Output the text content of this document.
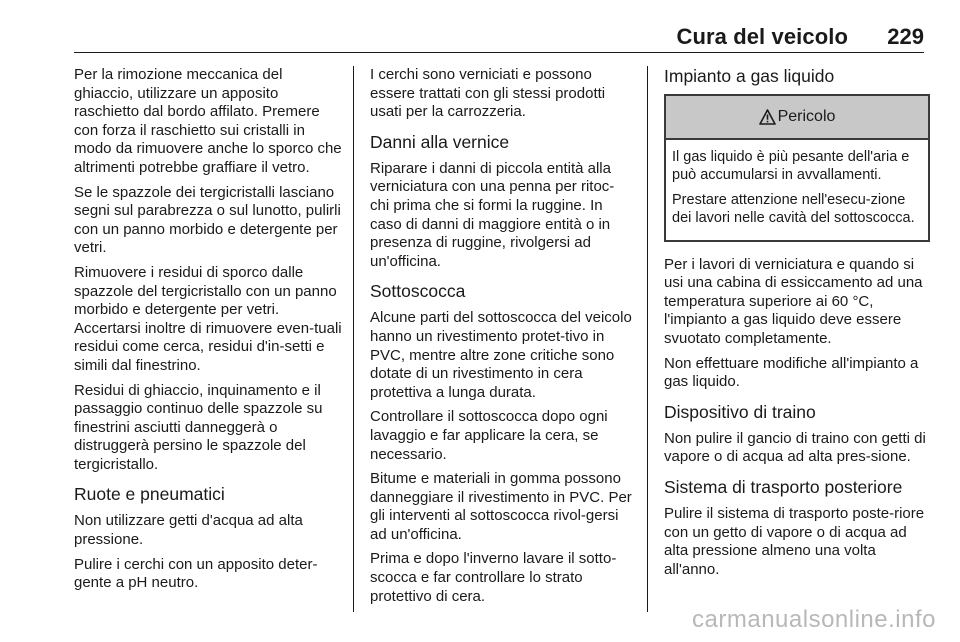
Cura del veicolo 229

Per la rimozione meccanica del ghiaccio, utilizzare un apposito raschietto dal bordo affilato. Premere con forza il raschietto sui cristalli in modo da rimuovere anche lo sporco che altrimenti potrebbe graffiare il vetro.

Se le spazzole dei tergicristalli lasciano segni sul parabrezza o sul lunotto, pulirli con un panno morbido e detergente per vetri.

Rimuovere i residui di sporco dalle spazzole del tergicristallo con un panno morbido e detergente per vetri. Accertarsi inoltre di rimuovere even-tuali residui come cerca, residui d'in-setti e simili dal finestrino.

Residui di ghiaccio, inquinamento e il passaggio continuo delle spazzole su finestrini asciutti danneggerà o distruggerà persino le spazzole del tergicristallo.

Ruote e pneumatici

Non utilizzare getti d'acqua ad alta pressione.

Pulire i cerchi con un apposito deter-gente a pH neutro.

I cerchi sono verniciati e possono essere trattati con gli stessi prodotti usati per la carrozzeria.

Danni alla vernice

Riparare i danni di piccola entità alla verniciatura con una penna per ritoc-chi prima che si formi la ruggine. In caso di danni di maggiore entità o in presenza di ruggine, rivolgersi ad un'officina.

Sottoscocca

Alcune parti del sottoscocca del veicolo hanno un rivestimento protet-tivo in PVC, mentre altre zone critiche sono dotate di un rivestimento in cera protettiva a lunga durata.

Controllare il sottoscocca dopo ogni lavaggio e far applicare la cera, se necessario.

Bitume e materiali in gomma possono danneggiare il rivestimento in PVC. Per gli interventi al sottoscocca rivol-gersi ad un'officina.

Prima e dopo l'inverno lavare il sotto-scocca e far controllare lo strato protettivo di cera.

Impianto a gas liquido
Pericolo

Il gas liquido è più pesante dell'aria e può accumularsi in avvallamenti.

Prestare attenzione nell'esecu-zione dei lavori nelle cavità del sottoscocca.

Per i lavori di verniciatura e quando si usi una cabina di essiccamento ad una temperatura superiore ai 60 °C, l'impianto a gas liquido deve essere svuotato completamente.

Non effettuare modifiche all'impianto a gas liquido.

Dispositivo di traino

Non pulire il gancio di traino con getti di vapore o di acqua ad alta pres-sione.

Sistema di trasporto posteriore

Pulire il sistema di trasporto poste-riore con un getto di vapore o di acqua ad alta pressione almeno una volta all'anno.

carmanualsonline.info
